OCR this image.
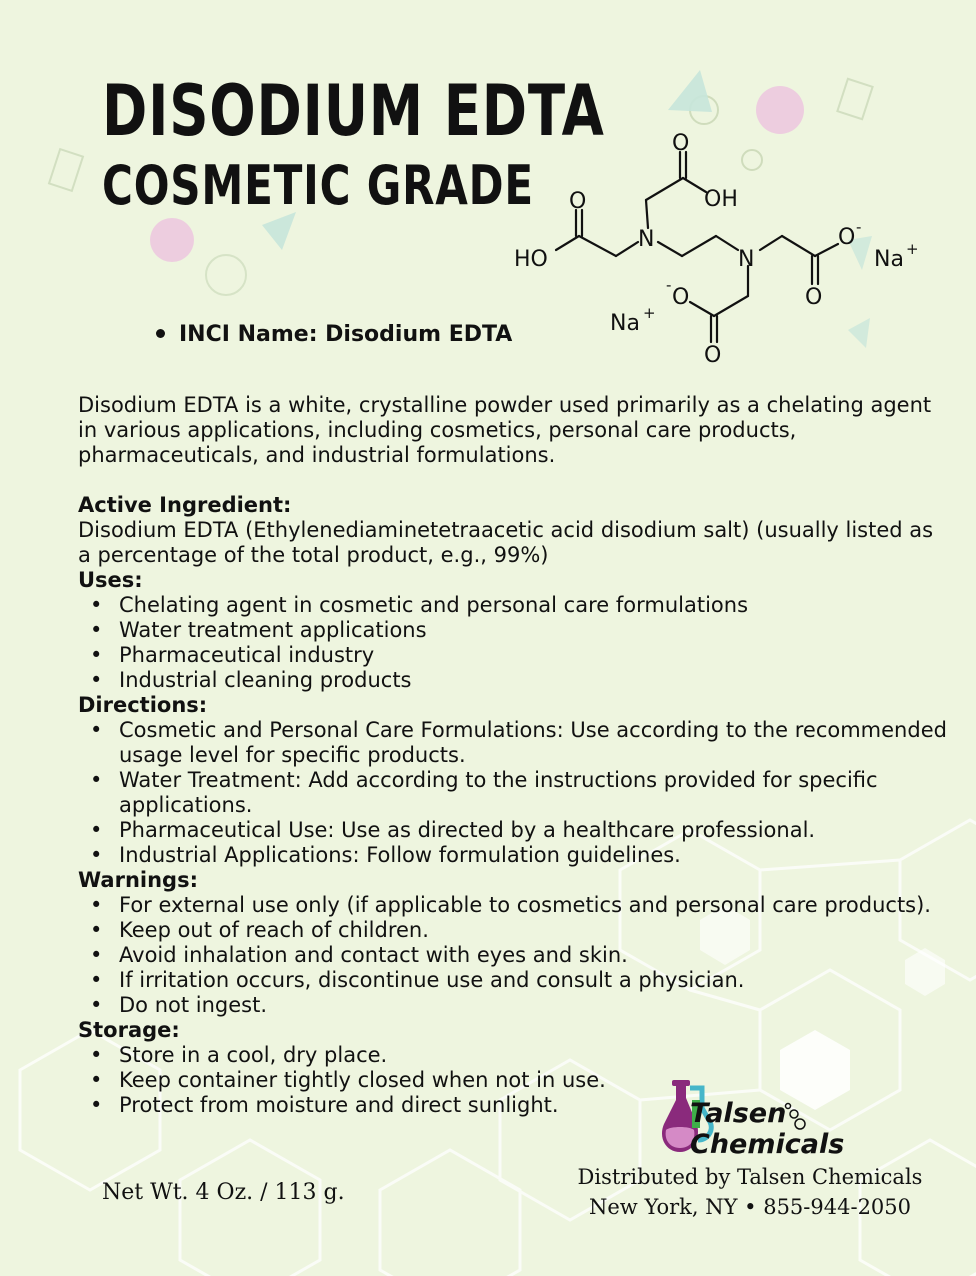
DISODIUM EDTA
COSMETIC GRADE
O
OH
O
HO
N
N
O -
O
Na +
O
-
O
Na +
INCI Name: Disodium EDTA

Disodium EDTA is a white, crystalline powder used primarily as a chelating agent in various applications, including cosmetics, personal care products, pharmaceuticals, and industrial formulations.

Active Ingredient:

Disodium EDTA (Ethylenediaminetetraacetic acid disodium salt) (usually listed as a percentage of the total product, e.g., 99%)

Uses:

• Chelating agent in cosmetic and personal care formulations
• Water treatment applications
• Pharmaceutical industry
• Industrial cleaning products

Directions:

• Cosmetic and Personal Care Formulations: Use according to the recommended usage level for specific products.
• Water Treatment: Add according to the instructions provided for specific applications.
• Pharmaceutical Use: Use as directed by a healthcare professional.
• Industrial Applications: Follow formulation guidelines.

Warnings:

• For external use only (if applicable to cosmetics and personal care products).
• Keep out of reach of children.
• Avoid inhalation and contact with eyes and skin.
• If irritation occurs, discontinue use and consult a physician.
• Do not ingest.

Storage:

• Store in a cool, dry place.
• Keep container tightly closed when not in use.
• Protect from moisture and direct sunlight.
Net Wt. 4 Oz. / 113 g.
Talsen
Chemicals
Distributed by Talsen Chemicals
New York, NY • 855-944-2050
